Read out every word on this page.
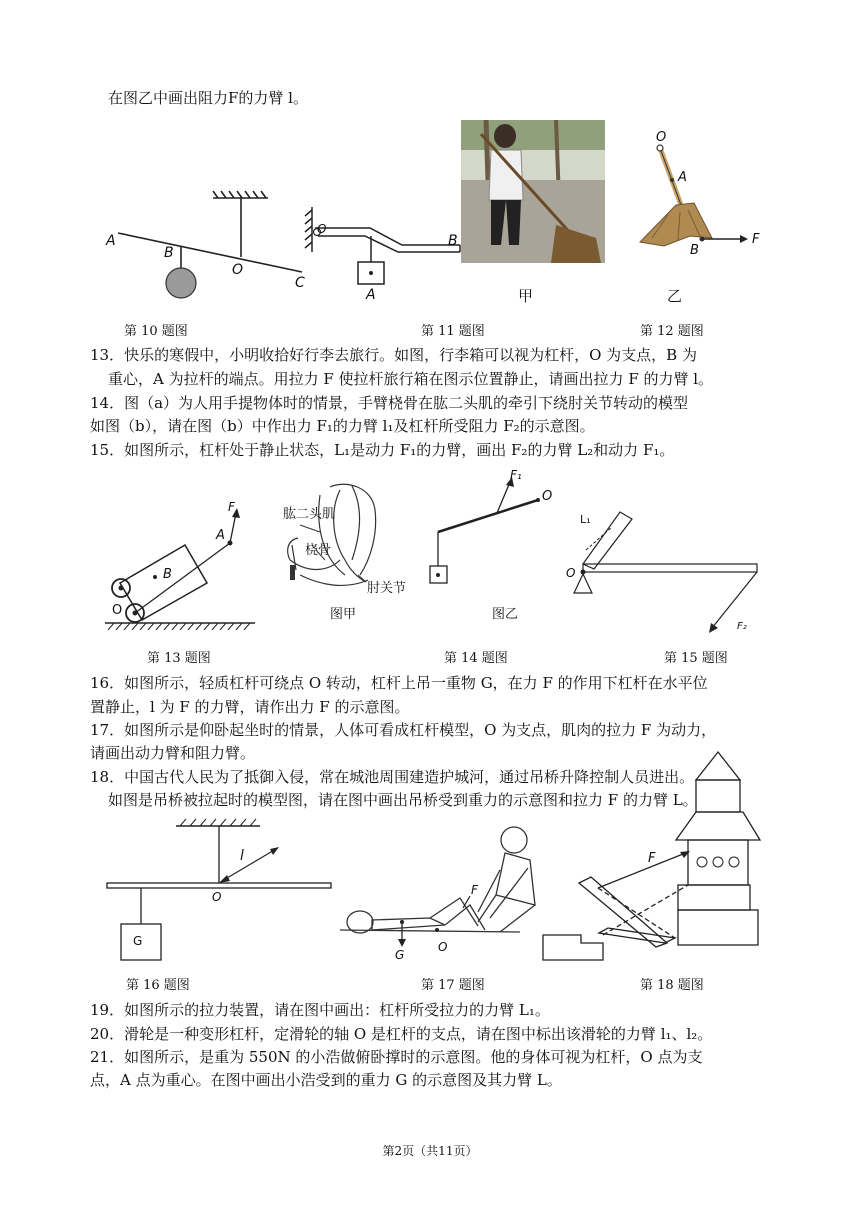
在图乙中画出阻力F的力臂 l。
A
B
O
C
O
B
A	甲
O
A
B
F
乙
第 10 题图	第 11 题图	第 12 题图
13．快乐的寒假中，小明收拾好行李去旅行。如图，行李箱可以视为杠杆，O 为支点，B 为
重心，A 为拉杆的端点。用拉力 F 使拉杆旅行箱在图示位置静止，请画出拉力 F 的力臂 l。
14．图（a）为人用手提物体时的情景，手臂桡骨在肱二头肌的牵引下绕肘关节转动的模型
如图（b），请在图（b）中作出力 F₁的力臂 l₁及杠杆所受阻力 F₂的示意图。
15．如图所示，杠杆处于静止状态，L₁是动力 F₁的力臂，画出 F₂的力臂 L₂和动力 F₁。
B
A
F
O
肱二头肌
桡骨
肘关节
图甲
F₁
O
图乙
L₁
O
F₂
第 13 题图	第 14 题图	第 15 题图
16．如图所示，轻质杠杆可绕点 O 转动，杠杆上吊一重物 G，在力 F 的作用下杠杆在水平位
置静止，l 为 F 的力臂，请作出力 F 的示意图。
17．如图所示是仰卧起坐时的情景，人体可看成杠杆模型，O 为支点，肌肉的拉力 F 为动力，
请画出动力臂和阻力臂。
18．中国古代人民为了抵御入侵，常在城池周围建造护城河，通过吊桥升降控制人员进出。
如图是吊桥被拉起时的模型图，请在图中画出吊桥受到重力的示意图和拉力 F 的力臂 L。
l
O
G
F
G
O
F
第 16 题图	第 17 题图	第 18 题图
19．如图所示的拉力装置，请在图中画出：杠杆所受拉力的力臂 L₁。
20．滑轮是一种变形杠杆，定滑轮的轴 O 是杠杆的支点，请在图中标出该滑轮的力臂 l₁、l₂。
21．如图所示，是重为 550N 的小浩做俯卧撑时的示意图。他的身体可视为杠杆，O 点为支
点，A 点为重心。在图中画出小浩受到的重力 G 的示意图及其力臂 L。
第2页（共11页）
